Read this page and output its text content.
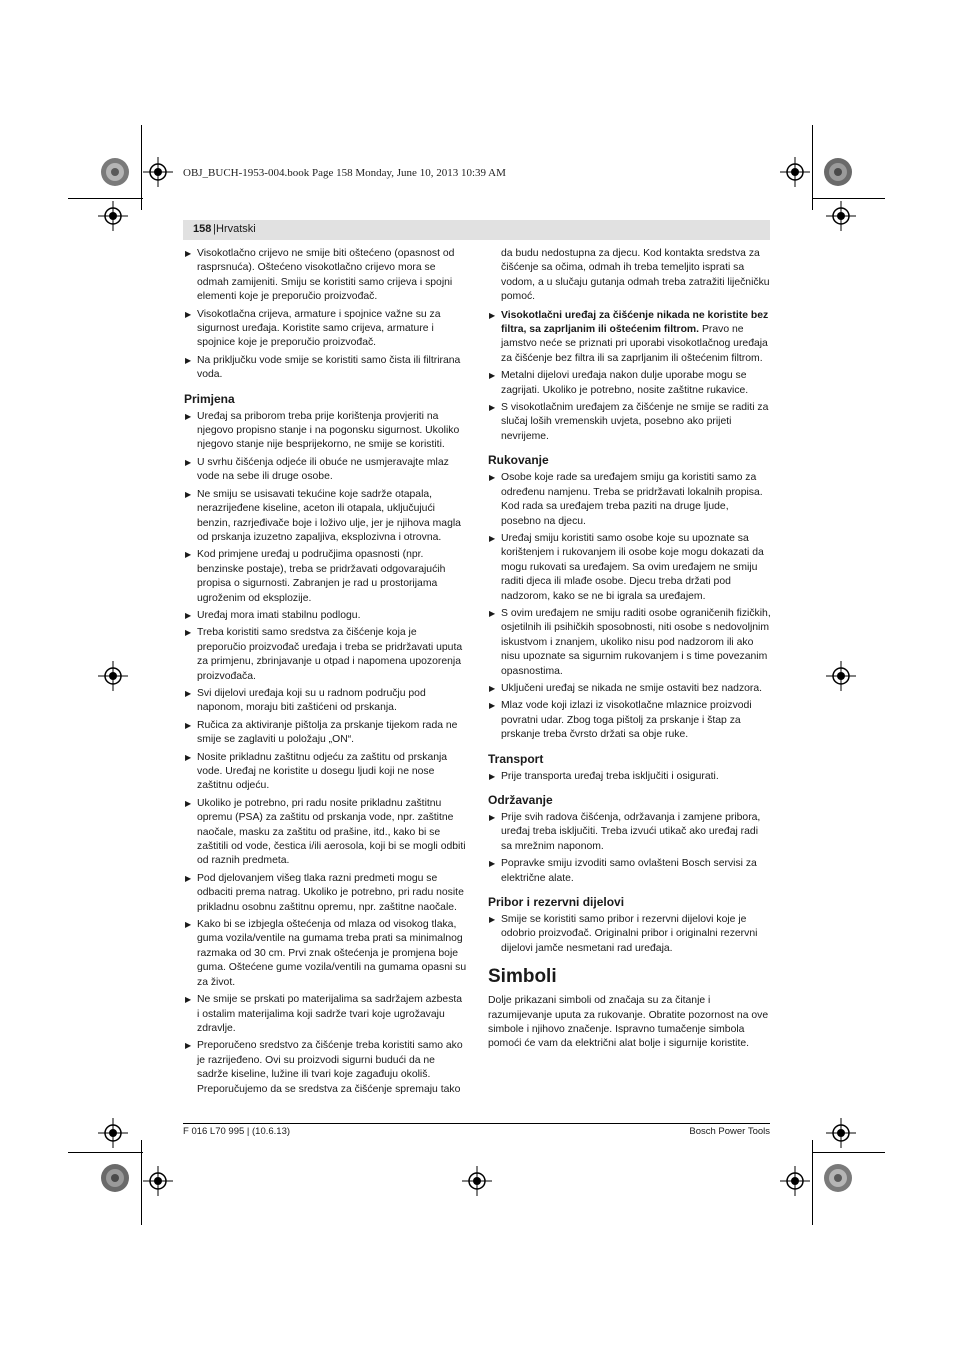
OBJ_BUCH-1953-004.book Page 158 Monday, June 10, 2013 10:39 AM
158 | Hrvatski
▶ Visokotlačno crijevo ne smije biti oštećeno (opasnost od rasprsnuća). Oštećeno visokotlačno crijevo mora se odmah zamijeniti. Smiju se koristiti samo crijeva i spojni elementi koje je preporučio proizvođač.

▶ Visokotlačna crijeva, armature i spojnice važne su za sigurnost uređaja. Koristite samo crijeva, armature i spojnice koje je preporučio proizvođač.

▶ Na priključku vode smije se koristiti samo čista ili filtrirana voda.

Primjena
▶ Uređaj sa priborom treba prije korištenja provjeriti na njegovo propisno stanje i na pogonsku sigurnost. Ukoliko njegovo stanje nije besprijekorno, ne smije se koristiti.

▶ U svrhu čišćenja odjeće ili obuće ne usmjeravajte mlaz vode na sebe ili druge osobe.

▶ Ne smiju se usisavati tekućine koje sadrže otapala, nerazrijeđene kiseline, aceton ili otapala, uključujući benzin, razrjeđivače boje i loživo ulje, jer je njihova magla od prskanja izuzetno zapaljiva, eksplozivna i otrovna.

▶ Kod primjene uređaj u područjima opasnosti (npr. benzinske postaje), treba se pridržavati odgovarajućih propisa o sigurnosti. Zabranjen je rad u prostorijama ugroženim od eksplozije.

▶ Uređaj mora imati stabilnu podlogu.

▶ Treba koristiti samo sredstva za čišćenje koja je preporučio proizvođač uređaja i treba se pridržavati uputa za primjenu, zbrinjavanje u otpad i napomena upozorenja proizvođača.

▶ Svi dijelovi uređaja koji su u radnom području pod naponom, moraju biti zaštićeni od prskanja.

▶ Ručica za aktiviranje pištolja za prskanje tijekom rada ne smije se zaglaviti u položaju „ON“.

▶ Nosite prikladnu zaštitnu odjeću za zaštitu od prskanja vode. Uređaj ne koristite u dosegu ljudi koji ne nose zaštitnu odjeću.

▶ Ukoliko je potrebno, pri radu nosite prikladnu zaštitnu opremu (PSA) za zaštitu od prskanja vode, npr. zaštitne naočale, masku za zaštitu od prašine, itd., kako bi se zaštitili od vode, čestica i/ili aerosola, koji bi se mogli odbiti od raznih predmeta.

▶ Pod djelovanjem višeg tlaka razni predmeti mogu se odbaciti prema natrag. Ukoliko je potrebno, pri radu nosite prikladnu osobnu zaštitnu opremu, npr. zaštitne naočale.

▶ Kako bi se izbjegla oštećenja od mlaza od visokog tlaka, guma vozila/ventile na gumama treba prati sa minimalnog razmaka od 30 cm. Prvi znak oštećenja je promjena boje guma. Oštećene gume vozila/ventili na gumama opasni su za život.

▶ Ne smije se prskati po materijalima sa sadržajem azbesta i ostalim materijalima koji sadrže tvari koje ugrožavaju zdravlje.

▶ Preporučeno sredstvo za čišćenje treba koristiti samo ako je razrijeđeno. Ovi su proizvodi sigurni budući da ne sadrže kiseline, lužine ili tvari koje zagađuju okoliš. Preporučujemo da se sredstva za čišćenje spremaju tako

da budu nedostupna za djecu. Kod kontakta sredstva za čišćenje sa očima, odmah ih treba temeljito isprati sa vodom, a u slučaju gutanja odmah treba zatražiti liječničku pomoć.

▶ Visokotlačni uređaj za čišćenje nikada ne koristite bez filtra, sa zaprljanim ili oštećenim filtrom. Pravo ne jamstvo neće se priznati pri uporabi visokotlačnog uređaja za čišćenje bez filtra ili sa zaprljanim ili oštećenim filtrom.

▶ Metalni dijelovi uređaja nakon dulje uporabe mogu se zagrijati. Ukoliko je potrebno, nosite zaštitne rukavice.

▶ S visokotlačnim uređajem za čišćenje ne smije se raditi za slučaj loših vremenskih uvjeta, posebno ako prijeti nevrijeme.

Rukovanje
▶ Osobe koje rade sa uređajem smiju ga koristiti samo za određenu namjenu. Treba se pridržavati lokalnih propisa. Kod rada sa uređajem treba paziti na druge ljude, posebno na djecu.

▶ Uređaj smiju koristiti samo osobe koje su upoznate sa korištenjem i rukovanjem ili osobe koje mogu dokazati da mogu rukovati sa uređajem. Sa ovim uređajem ne smiju raditi djeca ili mlađe osobe. Djecu treba držati pod nadzorom, kako se ne bi igrala sa uređajem.

▶ S ovim uređajem ne smiju raditi osobe ograničenih fizičkih, osjetilnih ili psihičkih sposobnosti, niti osobe s nedovoljnim iskustvom i znanjem, ukoliko nisu pod nadzorom ili ako nisu upoznate sa sigurnim rukovanjem i s time povezanim opasnostima.

▶ Uključeni uređaj se nikada ne smije ostaviti bez nadzora.

▶ Mlaz vode koji izlazi iz visokotlačne mlaznice proizvodi povratni udar. Zbog toga pištolj za prskanje i štap za prskanje treba čvrsto držati sa obje ruke.

Transport
▶ Prije transporta uređaj treba isključiti i osigurati.

Održavanje
▶ Prije svih radova čišćenja, održavanja i zamjene pribora, uređaj treba isključiti. Treba izvući utikač ako uređaj radi sa mrežnim naponom.

▶ Popravke smiju izvoditi samo ovlašteni Bosch servisi za električne alate.

Pribor i rezervni dijelovi
▶ Smije se koristiti samo pribor i rezervni dijelovi koje je odobrio proizvođač. Originalni pribor i originalni rezervni dijelovi jamče nesmetani rad uređaja.

Simboli

Dolje prikazani simboli od značaja su za čitanje i razumijevanje uputa za rukovanje. Obratite pozornost na ove simbole i njihovo značenje. Ispravno tumačenje simbola pomoći će vam da električni alat bolje i sigurnije koristite.

F 016 L70 995 | (10.6.13)	Bosch Power Tools
